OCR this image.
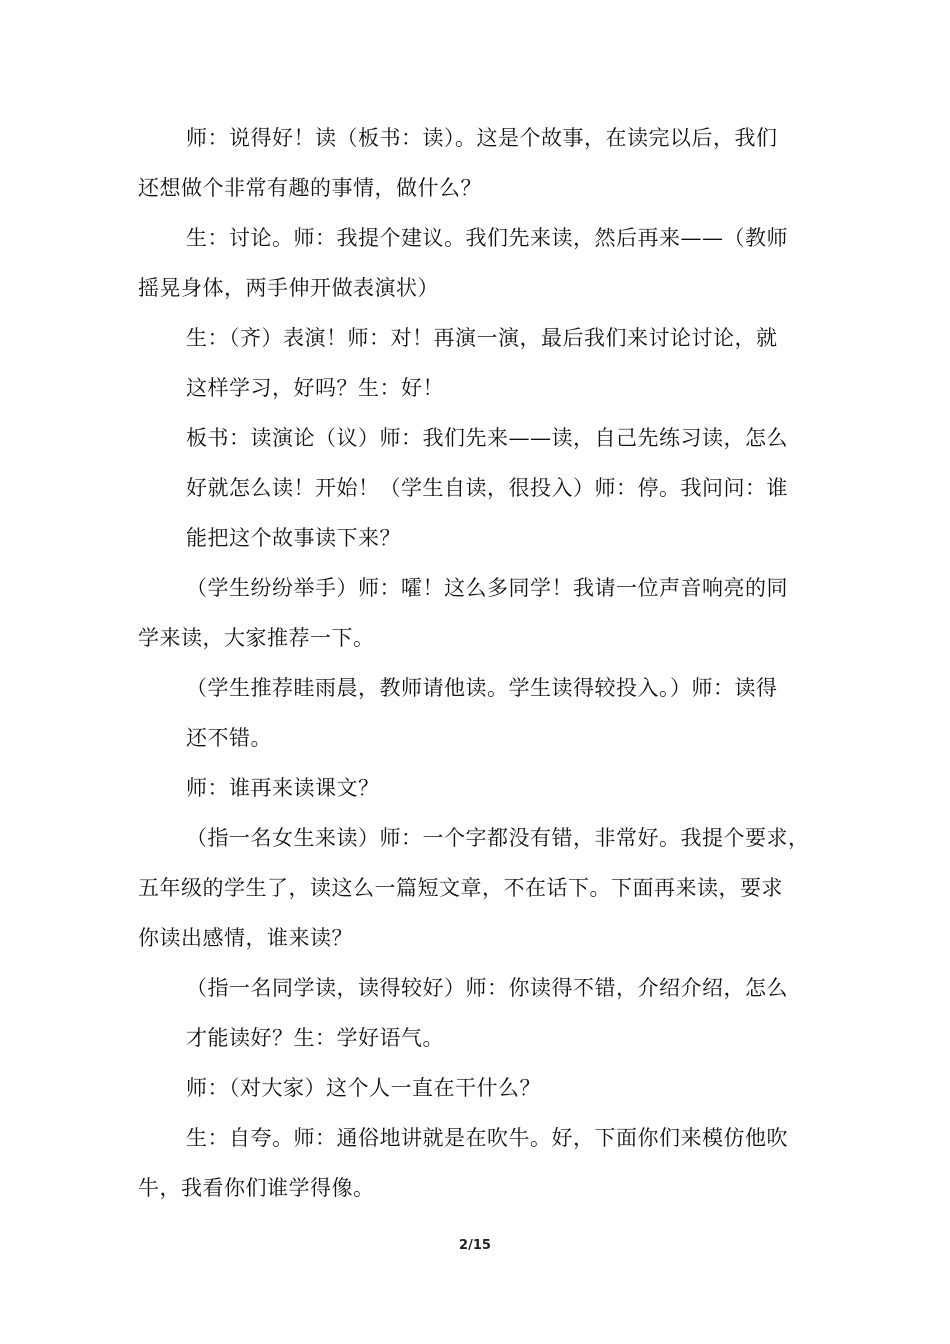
师：说得好！读（板书：读）。这是个故事，在读完以后，我们
还想做个非常有趣的事情，做什么？
生：讨论。师：我提个建议。我们先来读，然后再来——（教师
摇晃身体，两手伸开做表演状）
生：（齐）表演！师：对！再演一演，最后我们来讨论讨论，就
这样学习，好吗？生：好！
板书：读演论（议）师：我们先来——读，自己先练习读，怎么
好就怎么读！开始！（学生自读，很投入）师：停。我问问：谁
能把这个故事读下来？
（学生纷纷举手）师：嚯！这么多同学！我请一位声音响亮的同
学来读，大家推荐一下。
（学生推荐眭雨晨，教师请他读。学生读得较投入。）师：读得
还不错。
师：谁再来读课文？
（指一名女生来读）师：一个字都没有错，非常好。我提个要求，
五年级的学生了，读这么一篇短文章，不在话下。下面再来读，要求
你读出感情，谁来读？
（指一名同学读，读得较好）师：你读得不错，介绍介绍，怎么
才能读好？生：学好语气。
师：（对大家）这个人一直在干什么？
生：自夸。师：通俗地讲就是在吹牛。好，下面你们来模仿他吹
牛，我看你们谁学得像。
2/15
